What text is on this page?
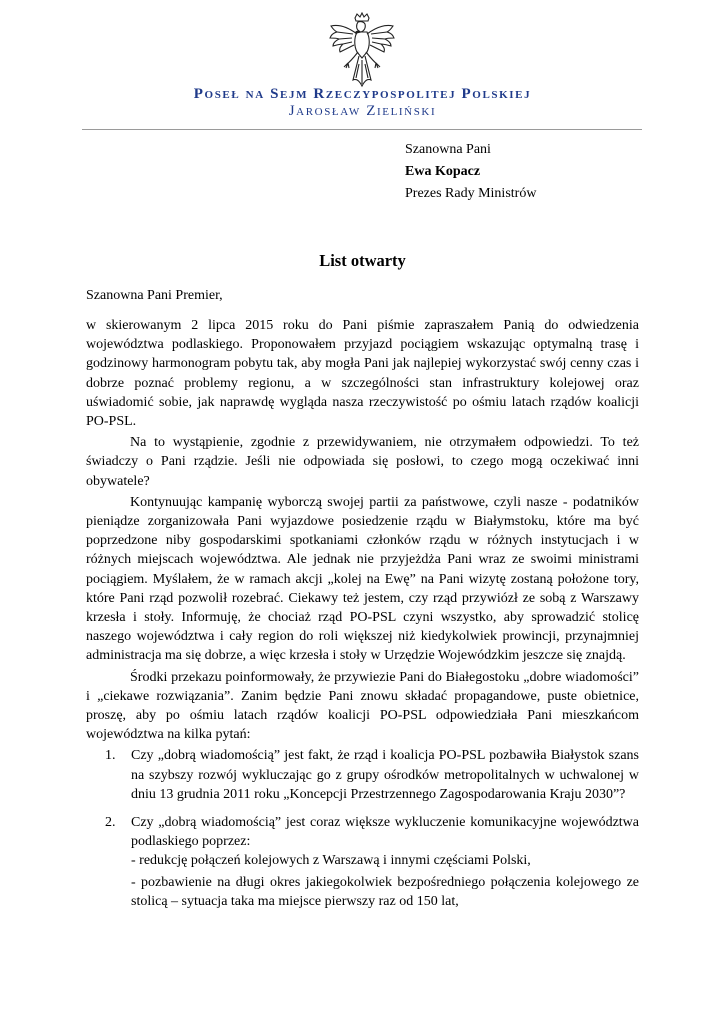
Poseł na Sejm Rzeczypospolitej Polskiej
Jarosław Zieliński
Szanowna Pani
Ewa Kopacz
Prezes Rady Ministrów
List otwarty
Szanowna Pani Premier,

w skierowanym 2 lipca 2015 roku do Pani piśmie zapraszałem Panią do odwiedzenia województwa podlaskiego. Proponowałem przyjazd pociągiem wskazując optymalną trasę i godzinowy harmonogram pobytu tak, aby mogła Pani jak najlepiej wykorzystać swój cenny czas i dobrze poznać problemy regionu, a w szczególności stan infrastruktury kolejowej oraz uświadomić sobie, jak naprawdę wygląda nasza rzeczywistość po ośmiu latach rządów koalicji PO-PSL.

Na to wystąpienie, zgodnie z przewidywaniem, nie otrzymałem odpowiedzi. To też świadczy o Pani rządzie. Jeśli nie odpowiada się posłowi, to czego mogą oczekiwać inni obywatele?

Kontynuując kampanię wyborczą swojej partii za państwowe, czyli nasze - podatników pieniądze zorganizowała Pani wyjazdowe posiedzenie rządu w Białymstoku, które ma być poprzedzone niby gospodarskimi spotkaniami członków rządu w różnych instytucjach i w różnych miejscach województwa. Ale jednak nie przyjeżdża Pani wraz ze swoimi ministrami pociągiem. Myślałem, że w ramach akcji „kolej na Ewę” na Pani wizytę zostaną położone tory, które Pani rząd pozwolił rozebrać. Ciekawy też jestem, czy rząd przywiózł ze sobą z Warszawy krzesła i stoły. Informuję, że chociaż rząd PO-PSL czyni wszystko, aby sprowadzić stolicę naszego województwa i cały region do roli większej niż kiedykolwiek prowincji, przynajmniej administracja ma się dobrze, a więc krzesła i stoły w Urzędzie Wojewódzkim jeszcze się znajdą.

Środki przekazu poinformowały, że przywiezie Pani do Białegostoku „dobre wiadomości” i „ciekawe rozwiązania”. Zanim będzie Pani znowu składać propagandowe, puste obietnice, proszę, aby po ośmiu latach rządów koalicji PO-PSL odpowiedziała Pani mieszkańcom województwa na kilka pytań:

1. Czy „dobrą wiadomością” jest fakt, że rząd i koalicja PO-PSL pozbawiła Białystok szans na szybszy rozwój wykluczając go z grupy ośrodków metropolitalnych w uchwalonej w dniu 13 grudnia 2011 roku „Koncepcji Przestrzennego Zagospodarowania Kraju 2030”?
2. Czy „dobrą wiadomością” jest coraz większe wykluczenie komunikacyjne województwa podlaskiego poprzez:

- redukcję połączeń kolejowych z Warszawą i innymi częściami Polski,

- pozbawienie na długi okres jakiegokolwiek bezpośredniego połączenia kolejowego ze stolicą – sytuacja taka ma miejsce pierwszy raz od 150 lat,
